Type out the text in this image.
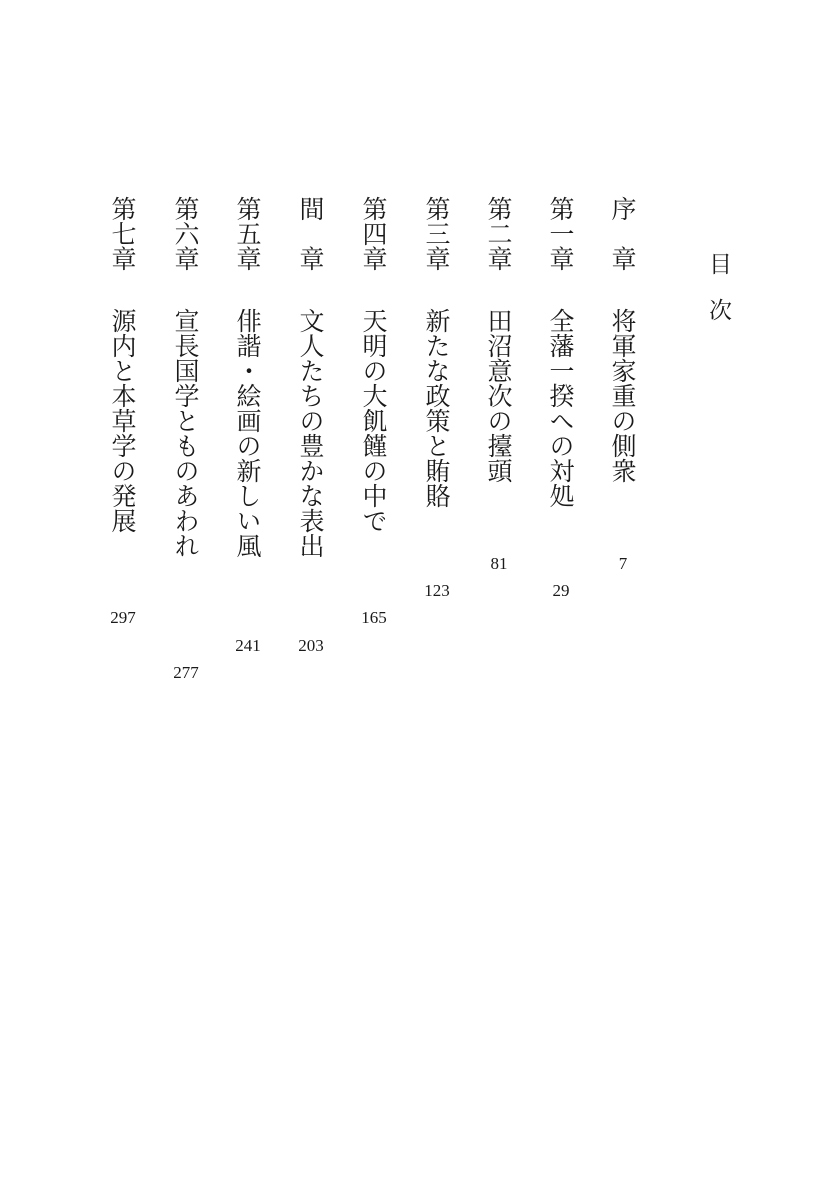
目　次
序　章
将軍家重の側衆
7
第一章
全藩一揆への対処
29
第二章
田沼意次の擡頭
81
第三章
新たな政策と賄賂
123
第四章
天明の大飢饉の中で
165
間　章
文人たちの豊かな表出
203
第五章
俳諧・絵画の新しい風
241
第六章
宣長国学とものあわれ
277
第七章
源内と本草学の発展
297
